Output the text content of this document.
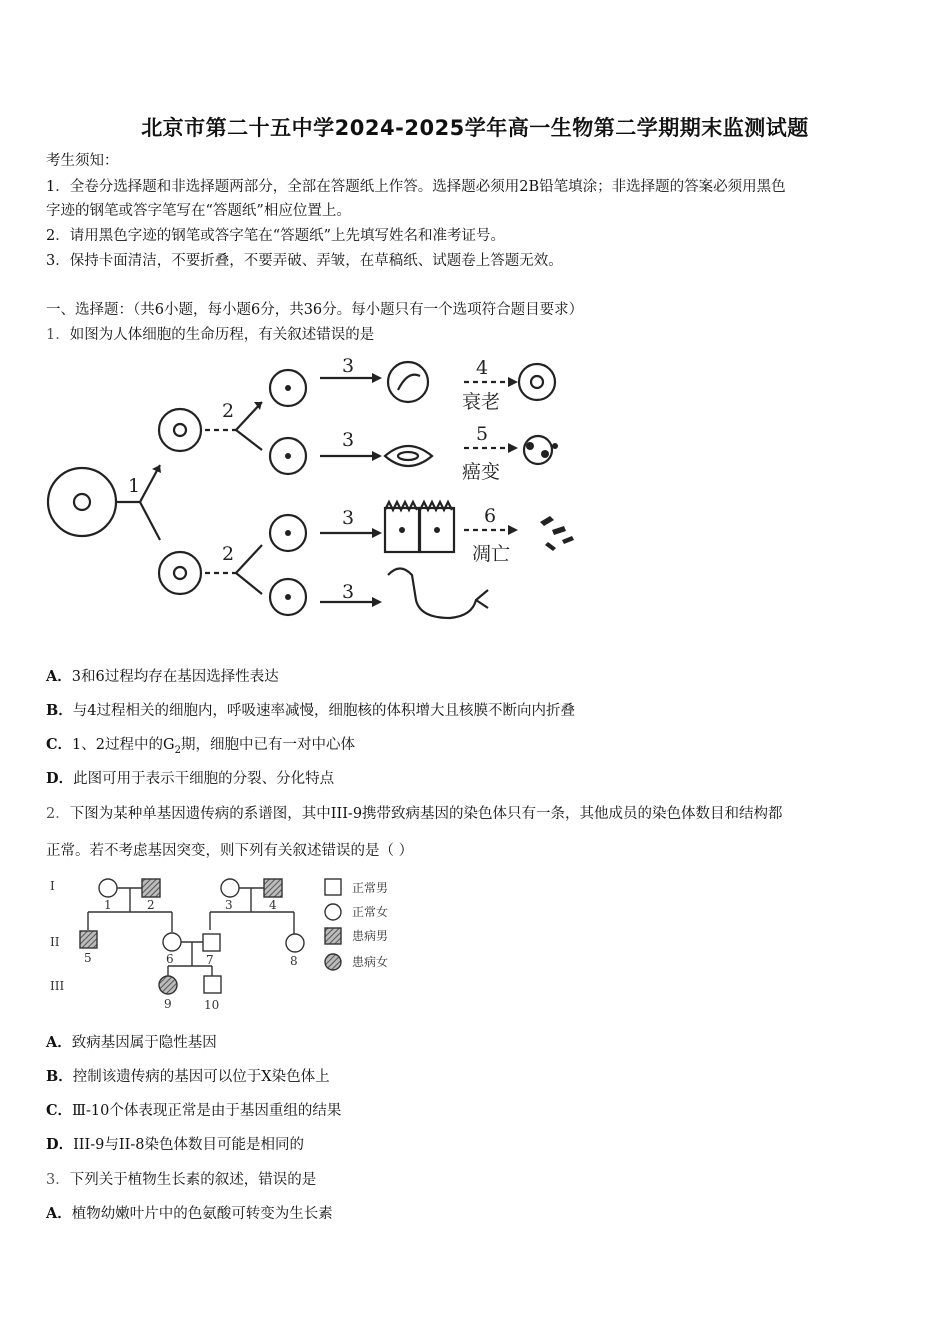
北京市第二十五中学2024-2025学年高一生物第二学期期末监测试题
考生须知：
1．全卷分选择题和非选择题两部分，全部在答题纸上作答。选择题必须用2B铅笔填涂；非选择题的答案必须用黑色
字迹的钢笔或答字笔写在“答题纸”相应位置上。
2．请用黑色字迹的钢笔或答字笔在“答题纸”上先填写姓名和准考证号。
3．保持卡面清洁，不要折叠，不要弄破、弄皱，在草稿纸、试题卷上答题无效。
一、选择题：（共6小题，每小题6分，共36分。每小题只有一个选项符合题目要求）
1．如图为人体细胞的生命历程，有关叙述错误的是
1
2
2
3
3
3
3
4
5
6
衰老
癌变
凋亡
A．3和6过程均存在基因选择性表达
B．与4过程相关的细胞内，呼吸速率减慢，细胞核的体积增大且核膜不断向内折叠
C．1、2过程中的$G_2$期，细胞中已有一对中心体
D．此图可用于表示干细胞的分裂、分化特点
2．下图为某种单基因遗传病的系谱图，其中III-9携带致病基因的染色体只有一条，其他成员的染色体数目和结构都
正常。若不考虑基因突变，则下列有关叙述错误的是（ ）
I
II
III
1	2	3	4
5	6	7	8
9	10
正常男
正常女
患病男
患病女
A．致病基因属于隐性基因
B．控制该遗传病的基因可以位于X染色体上
C．Ⅲ-10个体表现正常是由于基因重组的结果
D．III-9与II-8染色体数目可能是相同的
3．下列关于植物生长素的叙述，错误的是
A．植物幼嫩叶片中的色氨酸可转变为生长素
